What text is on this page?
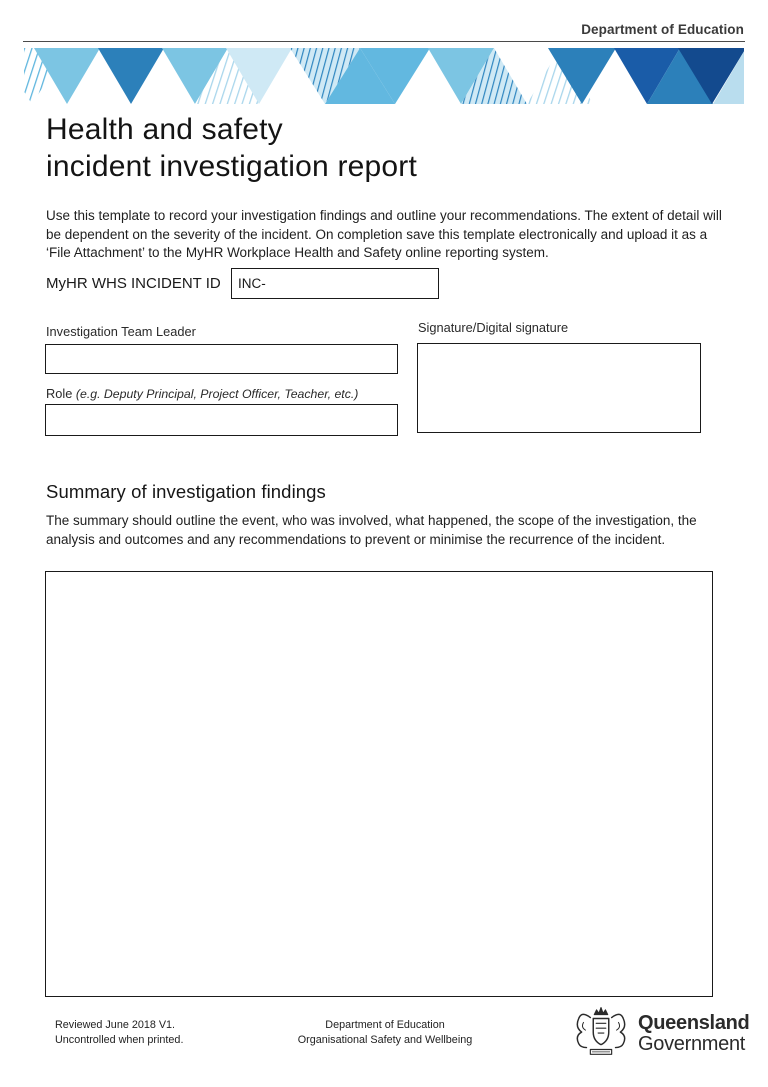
Department of Education
Health and safety
incident investigation report

Use this template to record your investigation findings and outline your recommendations. The extent of detail will be dependent on the severity of the incident. On completion save this template electronically and upload it as a ‘File Attachment’ to the MyHR Workplace Health and Safety online reporting system.

MyHR WHS INCIDENT ID
INC-
Investigation Team Leader	Signature/Digital signature
Role (e.g. Deputy Principal, Project Officer, Teacher, etc.)
Summary of investigation findings

The summary should outline the event, who was involved, what happened, the scope of the investigation, the analysis and outcomes and any recommendations to prevent or minimise the recurrence of the incident.

Reviewed June 2018 V1.
Uncontrolled when printed.
Department of Education
Organisational Safety and Wellbeing
Queensland
Government
